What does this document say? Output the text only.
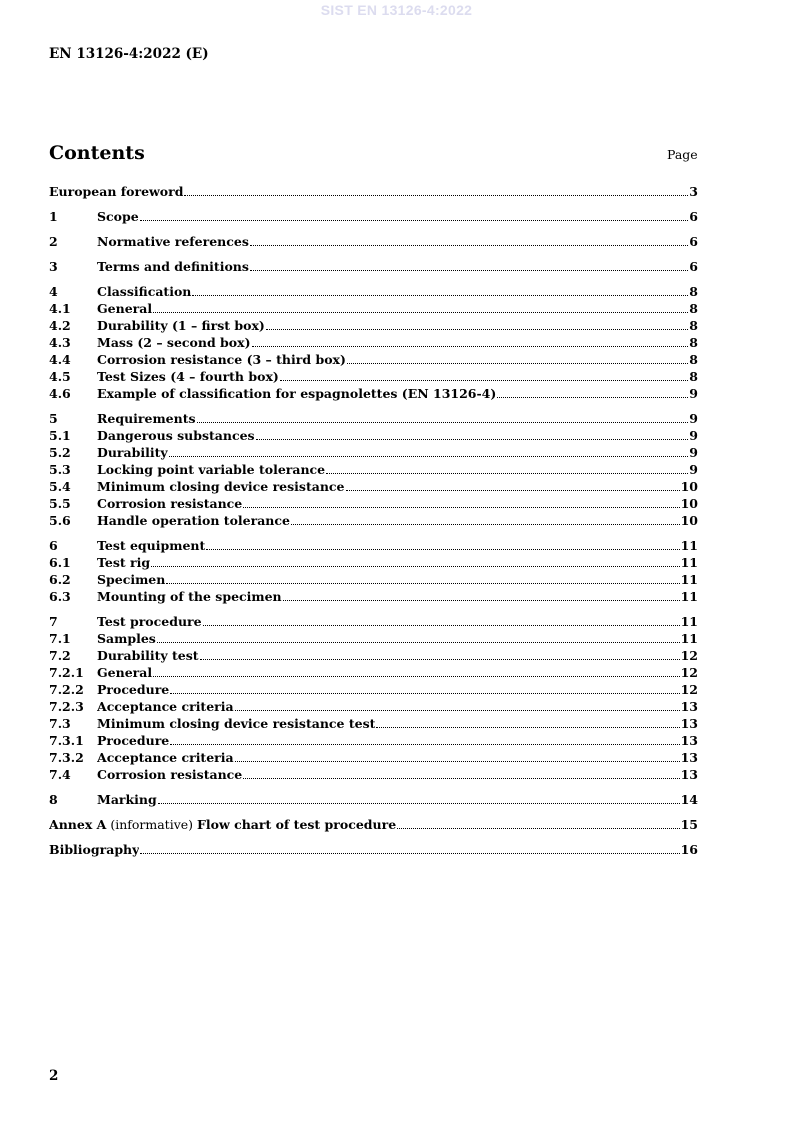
SIST EN 13126-4:2022
EN 13126-4:2022 (E)
Contents	Page
European foreword	3
1	Scope	6
2	Normative references	6
3	Terms and definitions	6
4	Classification	8
4.1	General	8
4.2	Durability (1 – first box)	8
4.3	Mass (2 – second box)	8
4.4	Corrosion resistance (3 – third box)	8
4.5	Test Sizes (4 – fourth box)	8
4.6	Example of classification for espagnolettes (EN 13126-4)	9
5	Requirements	9
5.1	Dangerous substances	9
5.2	Durability	9
5.3	Locking point variable tolerance	9
5.4	Minimum closing device resistance	10
5.5	Corrosion resistance	10
5.6	Handle operation tolerance	10
6	Test equipment	11
6.1	Test rig	11
6.2	Specimen	11
6.3	Mounting of the specimen	11
7	Test procedure	11
7.1	Samples	11
7.2	Durability test	12
7.2.1	General	12
7.2.2	Procedure	12
7.2.3	Acceptance criteria	13
7.3	Minimum closing device resistance test	13
7.3.1	Procedure	13
7.3.2	Acceptance criteria	13
7.4	Corrosion resistance	13
8	Marking	14
Annex A (informative) Flow chart of test procedure	15
Bibliography	16
2
